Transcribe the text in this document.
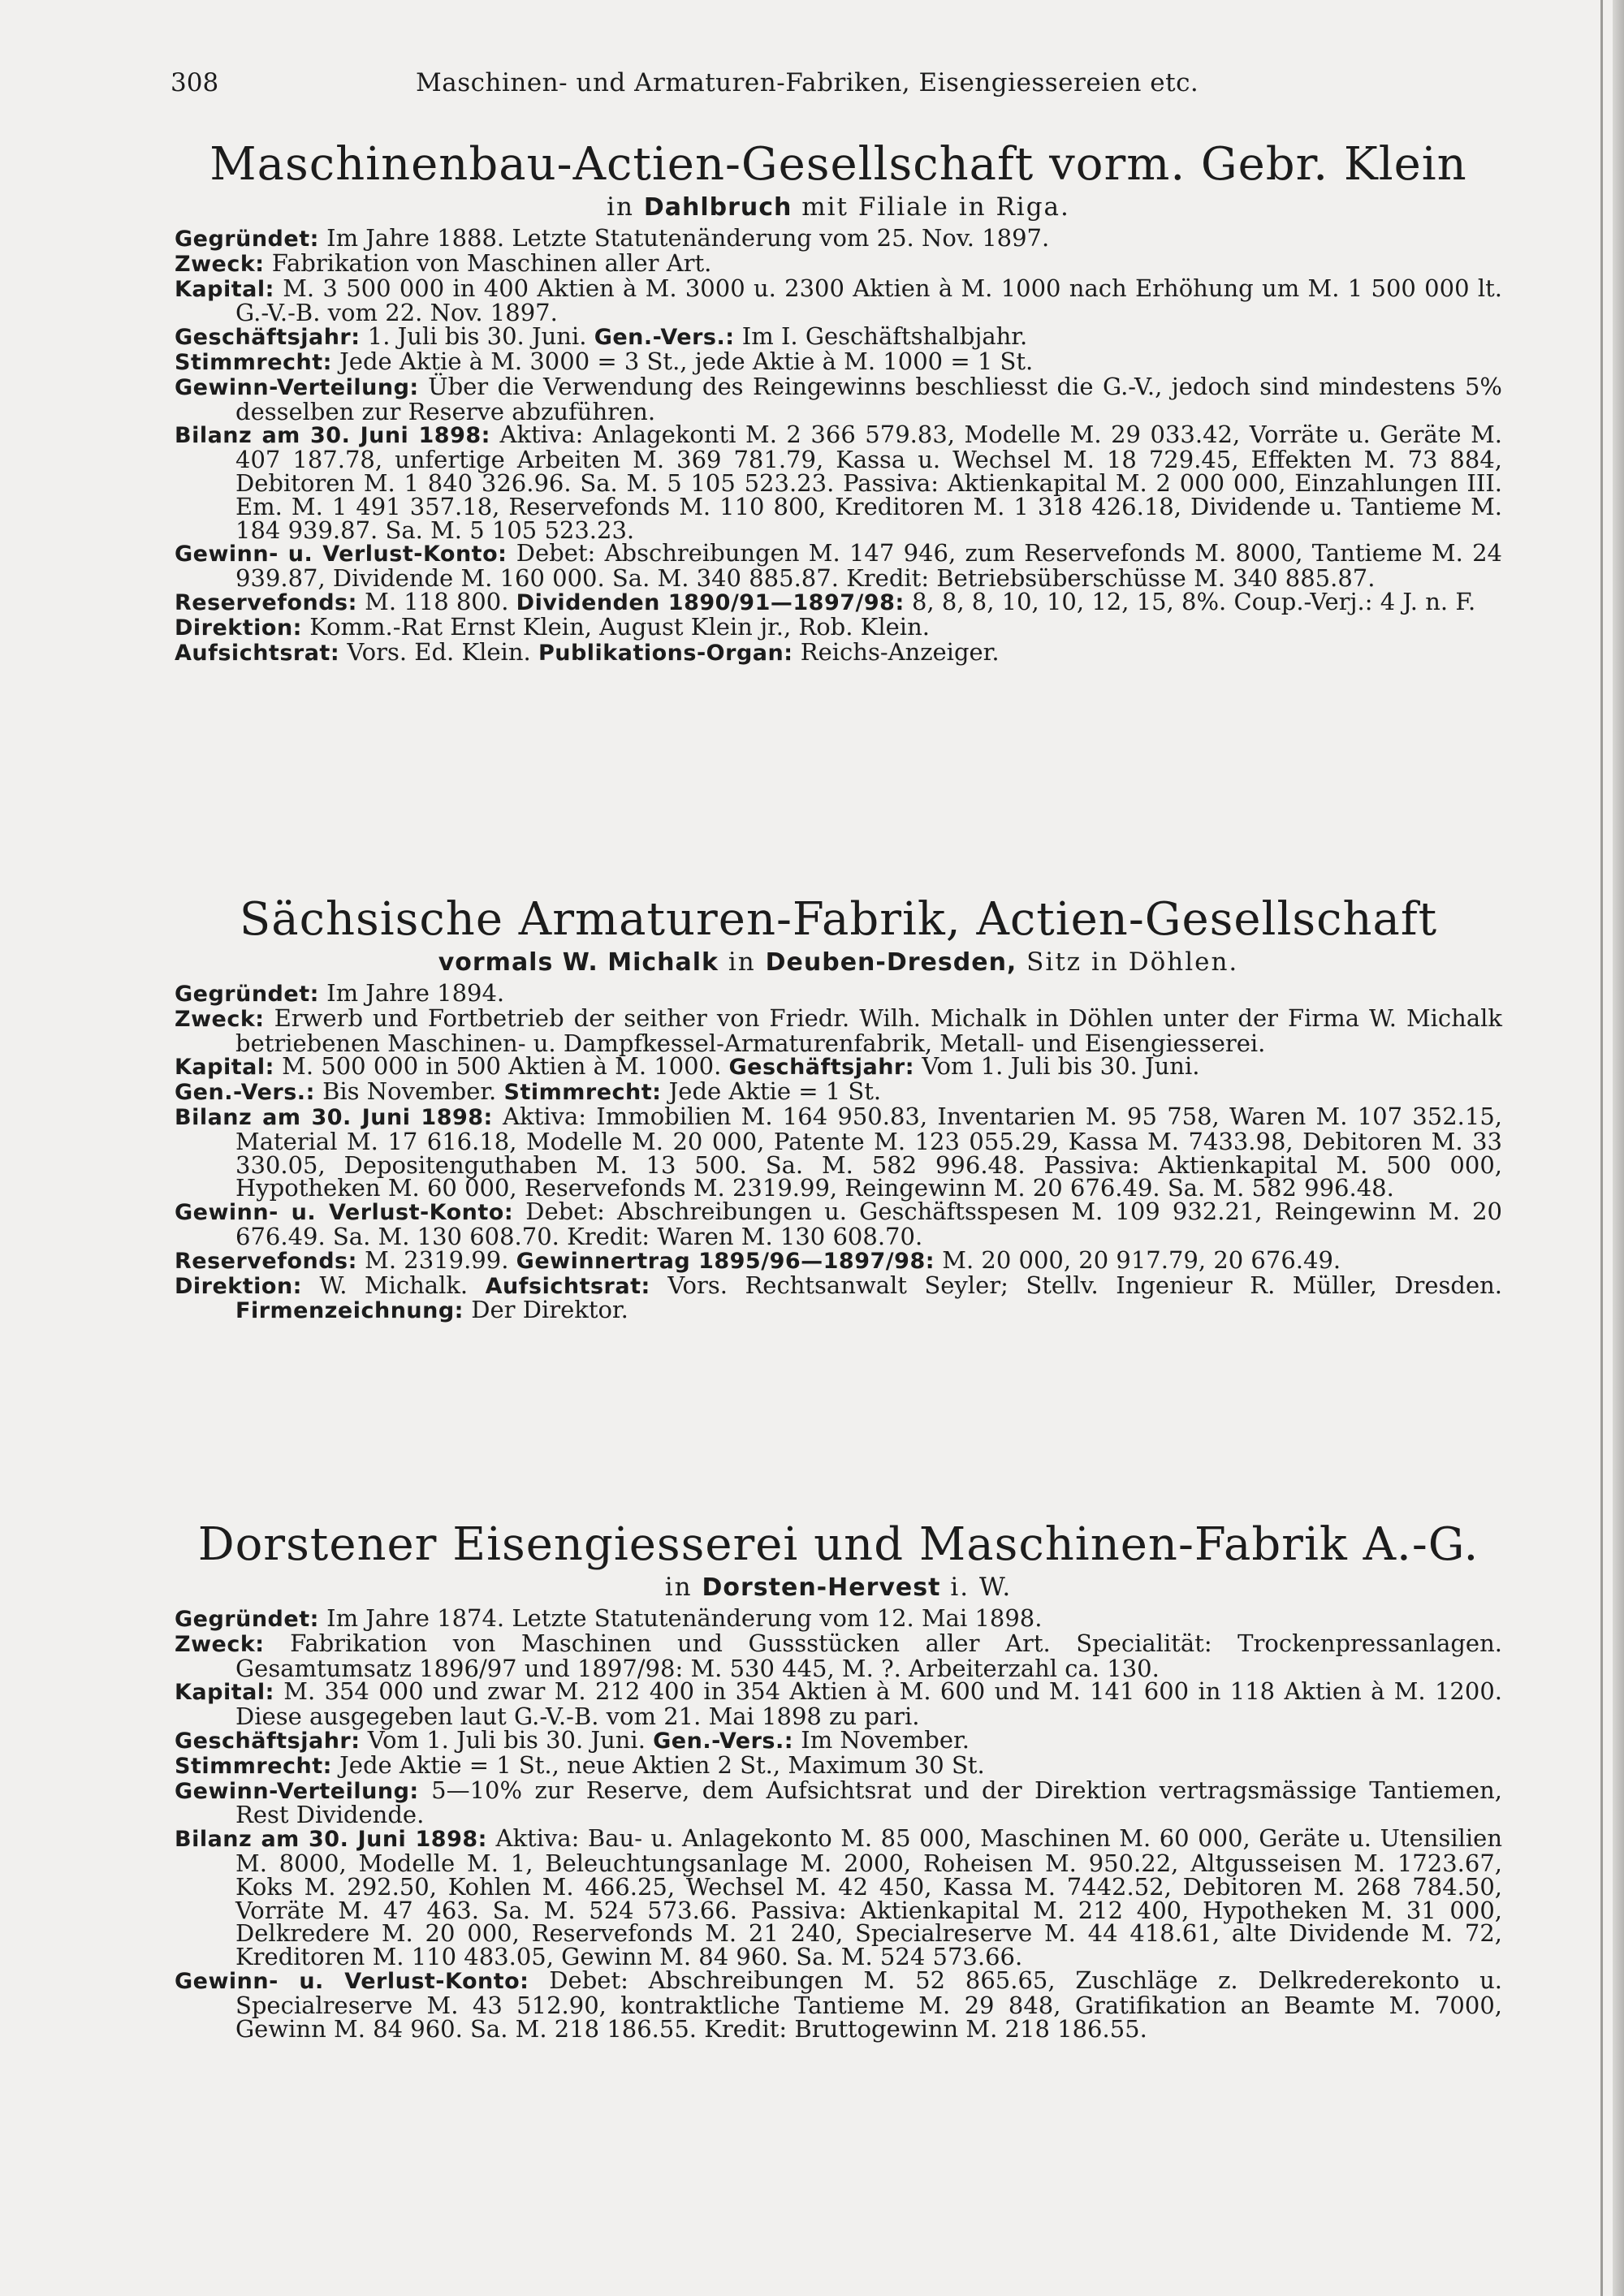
308	Maschinen- und Armaturen-Fabriken, Eisengiessereien etc.
Maschinenbau-Actien-Gesellschaft vorm. Gebr. Klein
in Dahlbruch mit Filiale in Riga.

Gegründet: Im Jahre 1888. Letzte Statutenänderung vom 25. Nov. 1897.

Zweck: Fabrikation von Maschinen aller Art.

Kapital: M. 3 500 000 in 400 Aktien à M. 3000 u. 2300 Aktien à M. 1000 nach Erhöhung um M. 1 500 000 lt. G.-V.-B. vom 22. Nov. 1897.

Geschäftsjahr: 1. Juli bis 30. Juni. Gen.-Vers.: Im I. Geschäftshalbjahr.

Stimmrecht: Jede Aktie à M. 3000 = 3 St., jede Aktie à M. 1000 = 1 St.

Gewinn-Verteilung: Über die Verwendung des Reingewinns beschliesst die G.-V., jedoch sind mindestens 5% desselben zur Reserve abzuführen.

Bilanz am 30. Juni 1898: Aktiva: Anlagekonti M. 2 366 579.83, Modelle M. 29 033.42, Vorräte u. Geräte M. 407 187.78, unfertige Arbeiten M. 369 781.79, Kassa u. Wechsel M. 18 729.45, Effekten M. 73 884, Debitoren M. 1 840 326.96. Sa. M. 5 105 523.23. Passiva: Aktienkapital M. 2 000 000, Einzahlungen III. Em. M. 1 491 357.18, Reservefonds M. 110 800, Kreditoren M. 1 318 426.18, Dividende u. Tantieme M. 184 939.87. Sa. M. 5 105 523.23.

Gewinn- u. Verlust-Konto: Debet: Abschreibungen M. 147 946, zum Reservefonds M. 8000, Tantieme M. 24 939.87, Dividende M. 160 000. Sa. M. 340 885.87. Kredit: Betriebsüberschüsse M. 340 885.87.

Reservefonds: M. 118 800. Dividenden 1890/91—1897/98: 8, 8, 8, 10, 10, 12, 15, 8%. Coup.-Verj.: 4 J. n. F.

Direktion: Komm.-Rat Ernst Klein, August Klein jr., Rob. Klein.

Aufsichtsrat: Vors. Ed. Klein. Publikations-Organ: Reichs-Anzeiger.

Sächsische Armaturen-Fabrik, Actien-Gesellschaft
vormals W. Michalk in Deuben-Dresden, Sitz in Döhlen.

Gegründet: Im Jahre 1894.

Zweck: Erwerb und Fortbetrieb der seither von Friedr. Wilh. Michalk in Döhlen unter der Firma W. Michalk betriebenen Maschinen- u. Dampfkessel-Armaturenfabrik, Metall- und Eisengiesserei.

Kapital: M. 500 000 in 500 Aktien à M. 1000. Geschäftsjahr: Vom 1. Juli bis 30. Juni.

Gen.-Vers.: Bis November. Stimmrecht: Jede Aktie = 1 St.

Bilanz am 30. Juni 1898: Aktiva: Immobilien M. 164 950.83, Inventarien M. 95 758, Waren M. 107 352.15, Material M. 17 616.18, Modelle M. 20 000, Patente M. 123 055.29, Kassa M. 7433.98, Debitoren M. 33 330.05, Depositenguthaben M. 13 500. Sa. M. 582 996.48. Passiva: Aktienkapital M. 500 000, Hypotheken M. 60 000, Reservefonds M. 2319.99, Reingewinn M. 20 676.49. Sa. M. 582 996.48.

Gewinn- u. Verlust-Konto: Debet: Abschreibungen u. Geschäftsspesen M. 109 932.21, Reingewinn M. 20 676.49. Sa. M. 130 608.70. Kredit: Waren M. 130 608.70.

Reservefonds: M. 2319.99. Gewinnertrag 1895/96—1897/98: M. 20 000, 20 917.79, 20 676.49.

Direktion: W. Michalk. Aufsichtsrat: Vors. Rechtsanwalt Seyler; Stellv. Ingenieur R. Müller, Dresden. Firmenzeichnung: Der Direktor.

Dorstener Eisengiesserei und Maschinen-Fabrik A.-G.
in Dorsten-Hervest i. W.

Gegründet: Im Jahre 1874. Letzte Statutenänderung vom 12. Mai 1898.

Zweck: Fabrikation von Maschinen und Gussstücken aller Art. Specialität: Trockenpressanlagen. Gesamtumsatz 1896/97 und 1897/98: M. 530 445, M. ?. Arbeiterzahl ca. 130.

Kapital: M. 354 000 und zwar M. 212 400 in 354 Aktien à M. 600 und M. 141 600 in 118 Aktien à M. 1200. Diese ausgegeben laut G.-V.-B. vom 21. Mai 1898 zu pari.

Geschäftsjahr: Vom 1. Juli bis 30. Juni. Gen.-Vers.: Im November.

Stimmrecht: Jede Aktie = 1 St., neue Aktien 2 St., Maximum 30 St.

Gewinn-Verteilung: 5—10% zur Reserve, dem Aufsichtsrat und der Direktion vertragsmässige Tantiemen, Rest Dividende.

Bilanz am 30. Juni 1898: Aktiva: Bau- u. Anlagekonto M. 85 000, Maschinen M. 60 000, Geräte u. Utensilien M. 8000, Modelle M. 1, Beleuchtungsanlage M. 2000, Roheisen M. 950.22, Altgusseisen M. 1723.67, Koks M. 292.50, Kohlen M. 466.25, Wechsel M. 42 450, Kassa M. 7442.52, Debitoren M. 268 784.50, Vorräte M. 47 463. Sa. M. 524 573.66. Passiva: Aktienkapital M. 212 400, Hypotheken M. 31 000, Delkredere M. 20 000, Reservefonds M. 21 240, Specialreserve M. 44 418.61, alte Dividende M. 72, Kreditoren M. 110 483.05, Gewinn M. 84 960. Sa. M. 524 573.66.

Gewinn- u. Verlust-Konto: Debet: Abschreibungen M. 52 865.65, Zuschläge z. Delkrederekonto u. Specialreserve M. 43 512.90, kontraktliche Tantieme M. 29 848, Gratifikation an Beamte M. 7000, Gewinn M. 84 960. Sa. M. 218 186.55. Kredit: Bruttogewinn M. 218 186.55.
